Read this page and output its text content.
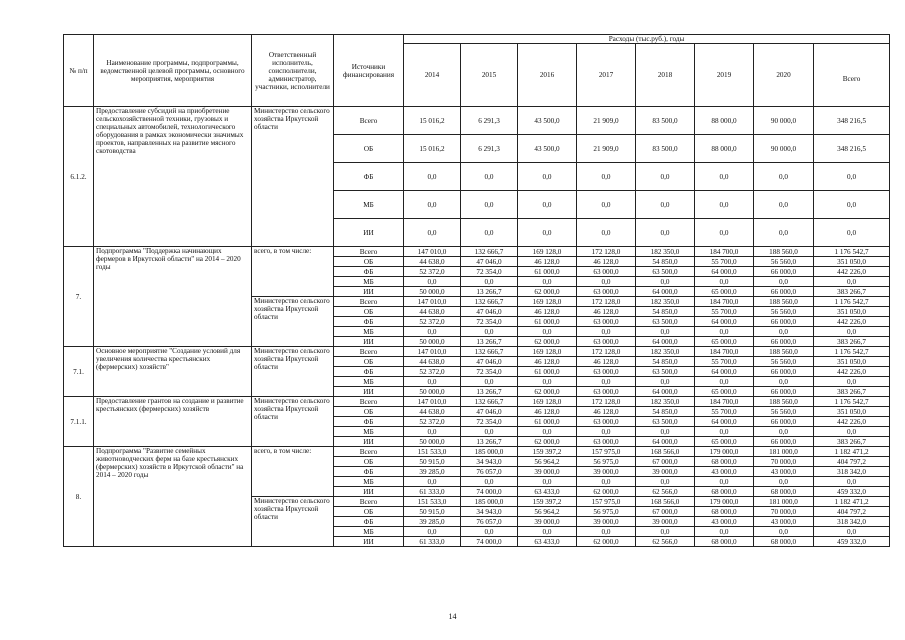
№ п/п	Наименование программы, подпрограммы, ведомственной целевой программы, основного мероприятия, мероприятия	Ответственный исполнитель, соисполнители, администратор, участники, исполнители	Источники финансирования	Расходы (тыс.руб.), годы							
				2014	2015	2016	2017	2018	2019	2020	Всего
6.1.2.	Предоставление субсидий на приобретение сельскохозяйственной техники, грузовых и специальных автомобилей, технологического оборудования в рамках экономически значимых проектов, направленных на развитие мясного скотоводства	Министерство сельского хозяйства Иркутской области	Всего	15 016,2	6 291,3	43 500,0	21 909,0	83 500,0	88 000,0	90 000,0	348 216,5
			ОБ	15 016,2	6 291,3	43 500,0	21 909,0	83 500,0	88 000,0	90 000,0	348 216,5
			ФБ	0,0	0,0	0,0	0,0	0,0	0,0	0,0	0,0
			МБ	0,0	0,0	0,0	0,0	0,0	0,0	0,0	0,0
			ИИ	0,0	0,0	0,0	0,0	0,0	0,0	0,0	0,0
7.	Подпрограмма "Поддержка начинающих фермеров в Иркутской области" на 2014 – 2020 годы	всего, в том числе:	Всего	147 010,0	132 666,7	169 128,0	172 128,0	182 350,0	184 700,0	188 560,0	1 176 542,7
			ОБ	44 638,0	47 046,0	46 128,0	46 128,0	54 850,0	55 700,0	56 560,0	351 050,0
			ФБ	52 372,0	72 354,0	61 000,0	63 000,0	63 500,0	64 000,0	66 000,0	442 226,0
			МБ	0,0	0,0	0,0	0,0	0,0	0,0	0,0	0,0
			ИИ	50 000,0	13 266,7	62 000,0	63 000,0	64 000,0	65 000,0	66 000,0	383 266,7
		Министерство сельского хозяйства Иркутской области	Всего	147 010,0	132 666,7	169 128,0	172 128,0	182 350,0	184 700,0	188 560,0	1 176 542,7
			ОБ	44 638,0	47 046,0	46 128,0	46 128,0	54 850,0	55 700,0	56 560,0	351 050,0
			ФБ	52 372,0	72 354,0	61 000,0	63 000,0	63 500,0	64 000,0	66 000,0	442 226,0
			МБ	0,0	0,0	0,0	0,0	0,0	0,0	0,0	0,0
			ИИ	50 000,0	13 266,7	62 000,0	63 000,0	64 000,0	65 000,0	66 000,0	383 266,7
7.1.	Основное мероприятие "Создание условий для увеличения количества крестьянских (фермерских) хозяйств"	Министерство сельского хозяйства Иркутской области	Всего	147 010,0	132 666,7	169 128,0	172 128,0	182 350,0	184 700,0	188 560,0	1 176 542,7
			ОБ	44 638,0	47 046,0	46 128,0	46 128,0	54 850,0	55 700,0	56 560,0	351 050,0
			ФБ	52 372,0	72 354,0	61 000,0	63 000,0	63 500,0	64 000,0	66 000,0	442 226,0
			МБ	0,0	0,0	0,0	0,0	0,0	0,0	0,0	0,0
			ИИ	50 000,0	13 266,7	62 000,0	63 000,0	64 000,0	65 000,0	66 000,0	383 266,7
7.1.1.	Предоставление грантов на создание и развитие крестьянских (фермерских) хозяйств	Министерство сельского хозяйства Иркутской области	Всего	147 010,0	132 666,7	169 128,0	172 128,0	182 350,0	184 700,0	188 560,0	1 176 542,7
			ОБ	44 638,0	47 046,0	46 128,0	46 128,0	54 850,0	55 700,0	56 560,0	351 050,0
			ФБ	52 372,0	72 354,0	61 000,0	63 000,0	63 500,0	64 000,0	66 000,0	442 226,0
			МБ	0,0	0,0	0,0	0,0	0,0	0,0	0,0	0,0
			ИИ	50 000,0	13 266,7	62 000,0	63 000,0	64 000,0	65 000,0	66 000,0	383 266,7
8.	Подпрограмма "Развитие семейных животноводческих ферм на базе крестьянских (фермерских) хозяйств в Иркутской области" на 2014 – 2020 годы	всего, в том числе:	Всего	151 533,0	185 000,0	159 397,2	157 975,0	168 566,0	179 000,0	181 000,0	1 182 471,2
			ОБ	50 915,0	34 943,0	56 964,2	56 975,0	67 000,0	68 000,0	70 000,0	404 797,2
			ФБ	39 285,0	76 057,0	39 000,0	39 000,0	39 000,0	43 000,0	43 000,0	318 342,0
			МБ	0,0	0,0	0,0	0,0	0,0	0,0	0,0	0,0
			ИИ	61 333,0	74 000,0	63 433,0	62 000,0	62 566,0	68 000,0	68 000,0	459 332,0
		Министерство сельского хозяйства Иркутской области	Всего	151 533,0	185 000,0	159 397,2	157 975,0	168 566,0	179 000,0	181 000,0	1 182 471,2
			ОБ	50 915,0	34 943,0	56 964,2	56 975,0	67 000,0	68 000,0	70 000,0	404 797,2
			ФБ	39 285,0	76 057,0	39 000,0	39 000,0	39 000,0	43 000,0	43 000,0	318 342,0
			МБ	0,0	0,0	0,0	0,0	0,0	0,0	0,0	0,0
			ИИ	61 333,0	74 000,0	63 433,0	62 000,0	62 566,0	68 000,0	68 000,0	459 332,0
14
